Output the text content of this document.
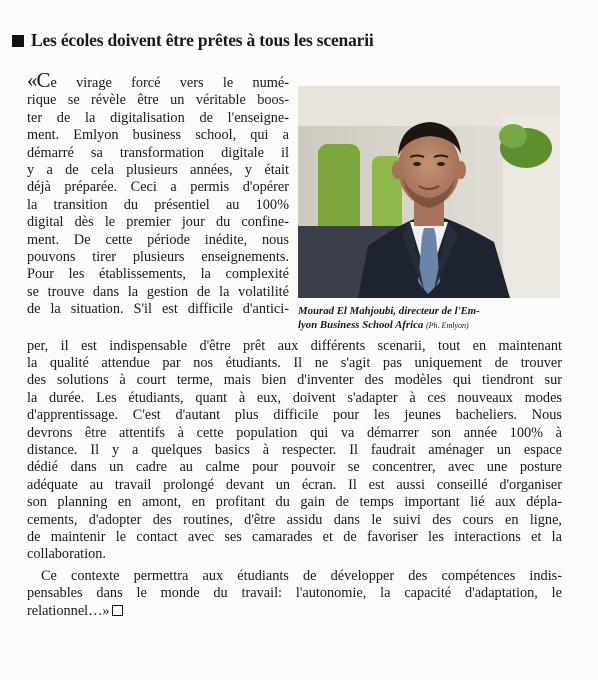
Les écoles doivent être prêtes à tous les scenarii
«Ce virage forcé vers le numé-
rique se révèle être un véritable boos-
ter de la digitalisation de l'enseigne-
ment. Emlyon business school, qui a
démarré sa transformation digitale il
y a de cela plusieurs années, y était
déjà préparée. Ceci a permis d'opérer
la transition du présentiel au 100%
digital dès le premier jour du confine-
ment. De cette période inédite, nous
pouvons tirer plusieurs enseignements.
Pour les établissements, la complexité
se trouve dans la gestion de la volatilité
de la situation. S'il est difficile d'antici- Mourad El Mahjoubi, directeur de l'Em-
lyon Business School Africa (Ph. Emlyon)
per, il est indispensable d'être prêt aux différents scenarii, tout en maintenant
la qualité attendue par nos étudiants. Il ne s'agit pas uniquement de trouver
des solutions à court terme, mais bien d'inventer des modèles qui tiendront sur
la durée. Les étudiants, quant à eux, doivent s'adapter à ces nouveaux modes
d'apprentissage. C'est d'autant plus difficile pour les jeunes bacheliers. Nous
devrons être attentifs à cette population qui va démarrer son année 100% à
distance. Il y a quelques basics à respecter. Il faudrait aménager un espace
dédié dans un cadre au calme pour pouvoir se concentrer, avec une posture
adéquate au travail prolongé devant un écran. Il est aussi conseillé d'organiser
son planning en amont, en profitant du gain de temps important lié aux dépla-
cements, d'adopter des routines, d'être assidu dans le suivi des cours en ligne,
de maintenir le contact avec ses camarades et de favoriser les interactions et la
collaboration.
Ce contexte permettra aux étudiants de développer des compétences indis-
pensables dans le monde du travail: l'autonomie, la capacité d'adaptation, le
relationnel…»
